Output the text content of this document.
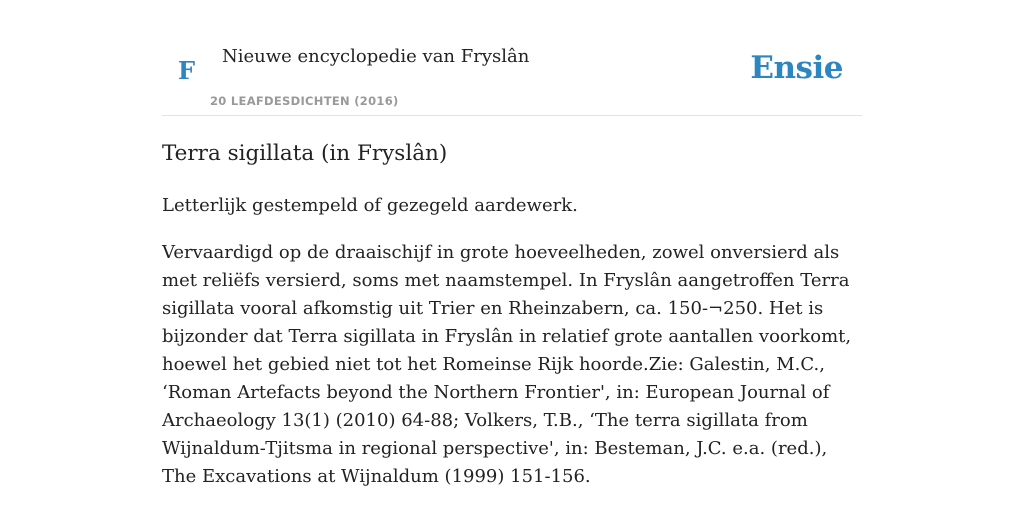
F Nieuwe encyclopedie van Fryslân
20 LEAFDESDICHTEN (2016)
Ensie
Terra sigillata (in Fryslân)

Letterlijk gestempeld of gezegeld aardewerk.

Vervaardigd op de draaischijf in grote hoeveelheden, zowel onversierd als met reliëfs versierd, soms met naamstempel. In Fryslân aangetroffen Terra sigillata vooral afkomstig uit Trier en Rheinzabern, ca. 150-¬250. Het is bijzonder dat Terra sigillata in Fryslân in relatief grote aantallen voorkomt, hoewel het gebied niet tot het Romeinse Rijk hoorde.Zie: Galestin, M.C., ‘Roman Artefacts beyond the Northern Frontier', in: European Journal of Archaeology 13(1) (2010) 64-88; Volkers, T.B., ‘The terra sigillata from Wijnaldum-Tjitsma in regional perspective', in: Besteman, J.C. e.a. (red.), The Excavations at Wijnaldum (1999) 151-156.
